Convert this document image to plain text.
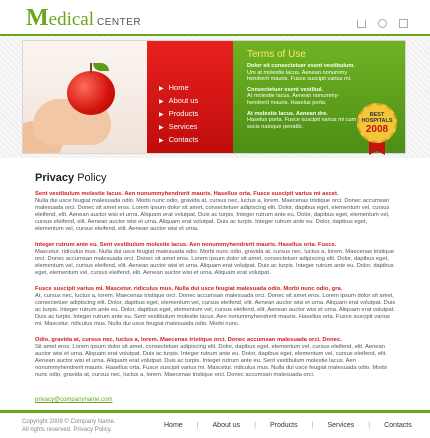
Medical CENTER
▶ Home
▶ About us
▶ Products
▶ Services
▶ Contacts
Terms of Use
Dolor sit consectetuer esent vestibulum.
Um at molestie lacus. Aenean nonummy hendrerit mauris. Fusce suscipit varius mi.
Consectetuer esent vestibul.
At molestie lacus. Aenean nonummy-hendrerit mauris. Haselus porta.
At molestie lacus. Aenean dre.
Haselus porta. Fusce suscipit varius mi cum socis natoque penatib.
BEST
HOSPITALS
2008
Privacy Policy
Sent vestibulum molestie lacus. Aen nonummyhendrerit mauris. Hasellus orta. Fusce suscipit varius mi ascet.
Nulla dui usce feugiat malesuada odio. Morbi nunc odio, gravida at, cursus nec, luctus a, lorem. Maecenas tristique orci. Donec accumsan malesuada orci. Donec sit amet eros. Lorem ipsum dolor sit amet, consectetuer adipiscing elit. Dolor, dapibus eget, elementum vel, cursus eleifend, elit. Aenean auctor wisi et urna. Aliquam erat volutpat. Duis ac turpis. Integer rutrum ante eu. Dolor, dapibus eget, elementum vel, cursus eleifend, elit. Aenean auctor wisi et urna. Aliquam erat volutpat. Duis ac turpis. Integer rutrum ante eu. Dolor, dapibus eget, elementum vel, cursus eleifend, elit. Aenean auctor wisi et urna.
Integer rutrum ante eu. Sent vestibulum molestie lacus. Aen nonummyhendrerit mauris. Hasellus orta. Fusce.
Mascetur. ridiculus mus. Nulla dui usce feugiat malesuada odio. Morbi nunc odio, gravida at, cursus nec, luctus a, lorem. Maecenas tristique orci. Donec accumsan malesuada orci. Donec sit amet eros. Lorem ipsum dolor sit amet, consectetuer adipiscing elit. Dolor, dapibus eget, elementum vel, cursus eleifend, elit. Aenean auctor wisi et urna. Aliquam erat volutpat. Duis ac turpis. Integer rutrum ante eu. Dolor, dapibus eget, elementum vel, cursus eleifend, elit. Aenean auctor wisi et urna. Aliquam erat volutpat.
Fusce suscipit varius mi. Mascetur. ridiculus mus. Nulla dui usce feugiat malesuada odio. Morbi nunc odio, gra.
At, cursus nec, luctus a, lorem. Maecenas tristique orci. Donec accumsan malesuada orci. Donec sit amet eros. Lorem ipsum dolor sit amet, consectetuer adipiscing elit. Dolor, dapibus eget, elementum vel, cursus eleifend, elit. Aenean auctor wisi et urna. Aliquam erat volutpat. Duis ac turpis. Integer rutrum ante eu. Dolor, dapibus eget, elementum vel, cursus eleifend, elit. Aenean auctor wisi et urna. Aliquam erat volutpat. Duis ac turpis. Integer rutrum ante eu. Sent vestibulum molestie lacus. Aen nonummyhendrerit mauris. Hasellus orta. Fusce suscipit varius mi. Mascetur. ridiculus mus. Nulla dui usce feugiat malesuada odio. Morbi nunc.
Odio, gravida at, cursus nec, luctus a, lorem. Maecenas tristique orci. Donec accumsan malesuada orci. Donec.
Sit amet eros. Lorem ipsum dolor sit amet, consectetuer adipiscing elit. Dolor, dapibus eget, elementum vel, cursus eleifend, elit. Aenean auctor wisi et urna. Aliquam erat volutpat. Duis ac turpis. Integer rutrum ante eu. Dolor, dapibus eget, elementum vel, cursus eleifend, elit. Aenean auctor wisi et urna. Aliquam erat volutpat. Duis ac turpis. Integer rutrum ante eu. Sent vestibulum molestie lacus. Aen nonummyhendrerit mauris. Hasellus orta. Fusce suscipit varius mi. Mascetur. ridiculus mus. Nulla dui usce feugiat malesuada odio. Morbi nunc odio, gravida at, cursus nec, luctus a, lorem. Maecenas tristique orci. Donec accumsan malesuada orci.
privacy@companyname.com
Copyright 2009 © Company Name.
All rights reserved. Privacy Policy.
Home	|	About us	|	Products	|	Services	|	Contacts
